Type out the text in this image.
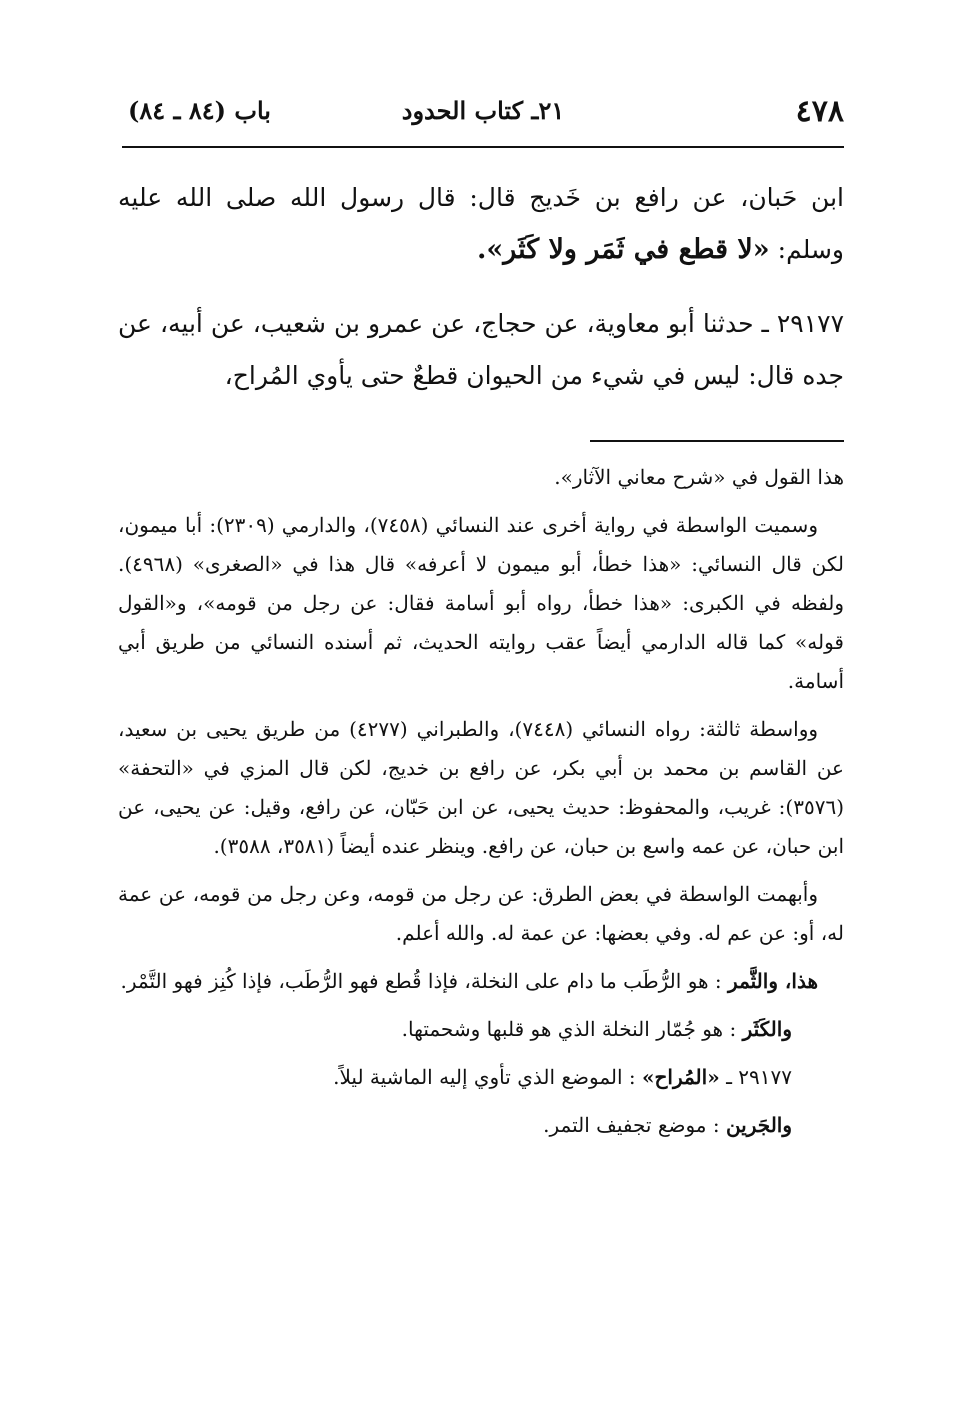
٤٧٨
٢١ـ كتاب الحدود
باب (٨٤ ـ ٨٤)

ابن حَبان، عن رافع بن خَديج قال: قال رسول الله صلى الله عليه وسلم: «لا قطع في ثَمَر ولا كَثَر».

٢٩١٧٧ ـ حدثنا أبو معاوية، عن حجاج، عن عمرو بن شعيب، عن أبيه، عن جده قال: ليس في شيء من الحيوان قطعٌ حتى يأوي المُراح،

هذا القول في «شرح معاني الآثار».

وسميت الواسطة في رواية أخرى عند النسائي (٧٤٥٨)، والدارمي (٢٣٠٩): أبا ميمون، لكن قال النسائي: «هذا خطأ، أبو ميمون لا أعرفه» قال هذا في «الصغرى» (٤٩٦٨). ولفظه في الكبرى: «هذا خطأ، رواه أبو أسامة فقال: عن رجل من قومه»، و«القول قوله» كما قاله الدارمي أيضاً عقب روايته الحديث، ثم أسنده النسائي من طريق أبي أسامة.

وواسطة ثالثة: رواه النسائي (٧٤٤٨)، والطبراني (٤٢٧٧) من طريق يحيى بن سعيد، عن القاسم بن محمد بن أبي بكر، عن رافع بن خديج، لكن قال المزي في «التحفة» (٣٥٧٦): غريب، والمحفوظ: حديث يحيى، عن ابن حَبّان، عن رافع، وقيل: عن يحيى، عن ابن حبان، عن عمه واسع بن حبان، عن رافع. وينظر عنده أيضاً (٣٥٨١، ٣٥٨٨).

وأبهمت الواسطة في بعض الطرق: عن رجل من قومه، وعن رجل من قومه، عن عمة له، أو: عن عم له. وفي بعضها: عن عمة له. والله أعلم.

هذا، والثَّمر : هو الرُّطَب ما دام على النخلة، فإذا قُطع فهو الرُّطَب، فإذا كُنِز فهو التَّمْر.

والكَثَر : هو جُمّار النخلة الذي هو قلبها وشحمتها.

٢٩١٧٧ ـ «المُراح» : الموضع الذي تأوي إليه الماشية ليلاً.

والجَرين : موضع تجفيف التمر.
